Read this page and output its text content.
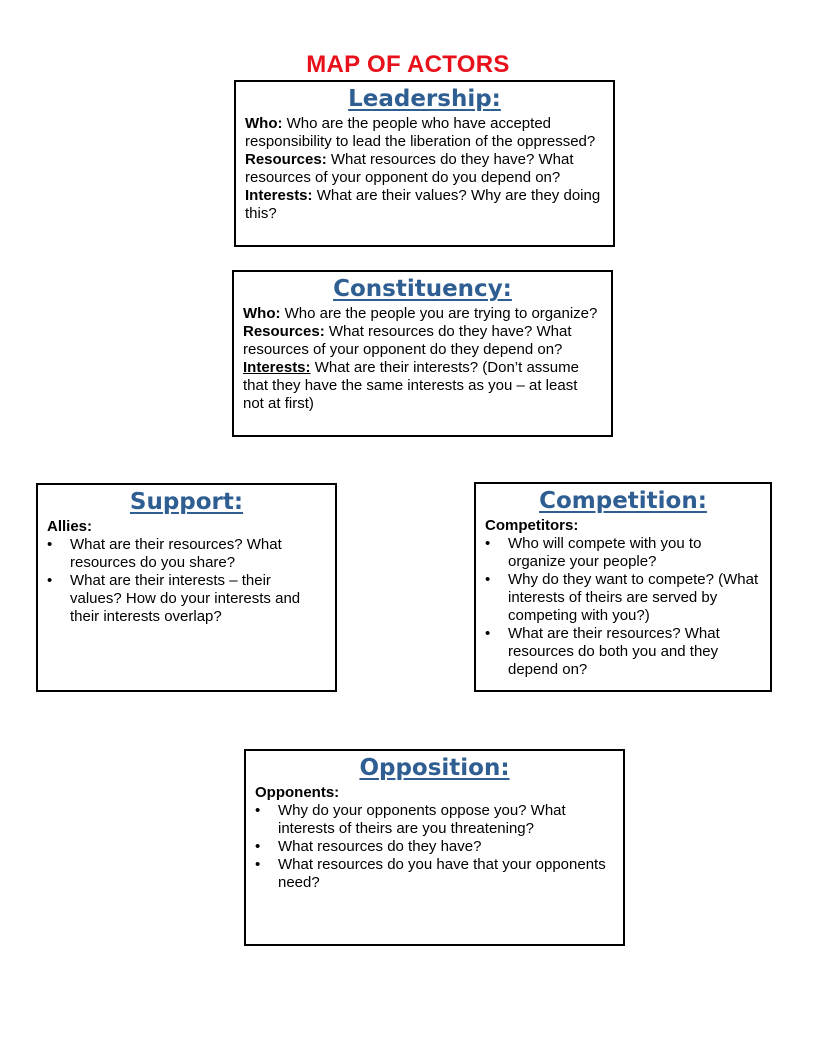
MAP OF ACTORS
Leadership:

Who: Who are the people who have accepted responsibility to lead the liberation of the oppressed?

Resources: What resources do they have? What resources of your opponent do you depend on?

Interests: What are their values? Why are they doing this?

Constituency:

Who: Who are the people you are trying to organize?

Resources: What resources do they have? What resources of your opponent do they depend on?

Interests: What are their interests? (Don’t assume that they have the same interests as you – at least not at first)

Support:
Allies:
•	What are their resources? What resources do you share?
•	What are their interests – their values? How do your interests and their interests overlap?
Competition:
Competitors:
•	Who will compete with you to organize your people?
•	Why do they want to compete? (What interests of theirs are served by competing with you?)
•	What are their resources? What resources do both you and they depend on?
Opposition:
Opponents:
•	Why do your opponents oppose you? What interests of theirs are you threatening?
•	What resources do they have?
•	What resources do you have that your opponents need?
